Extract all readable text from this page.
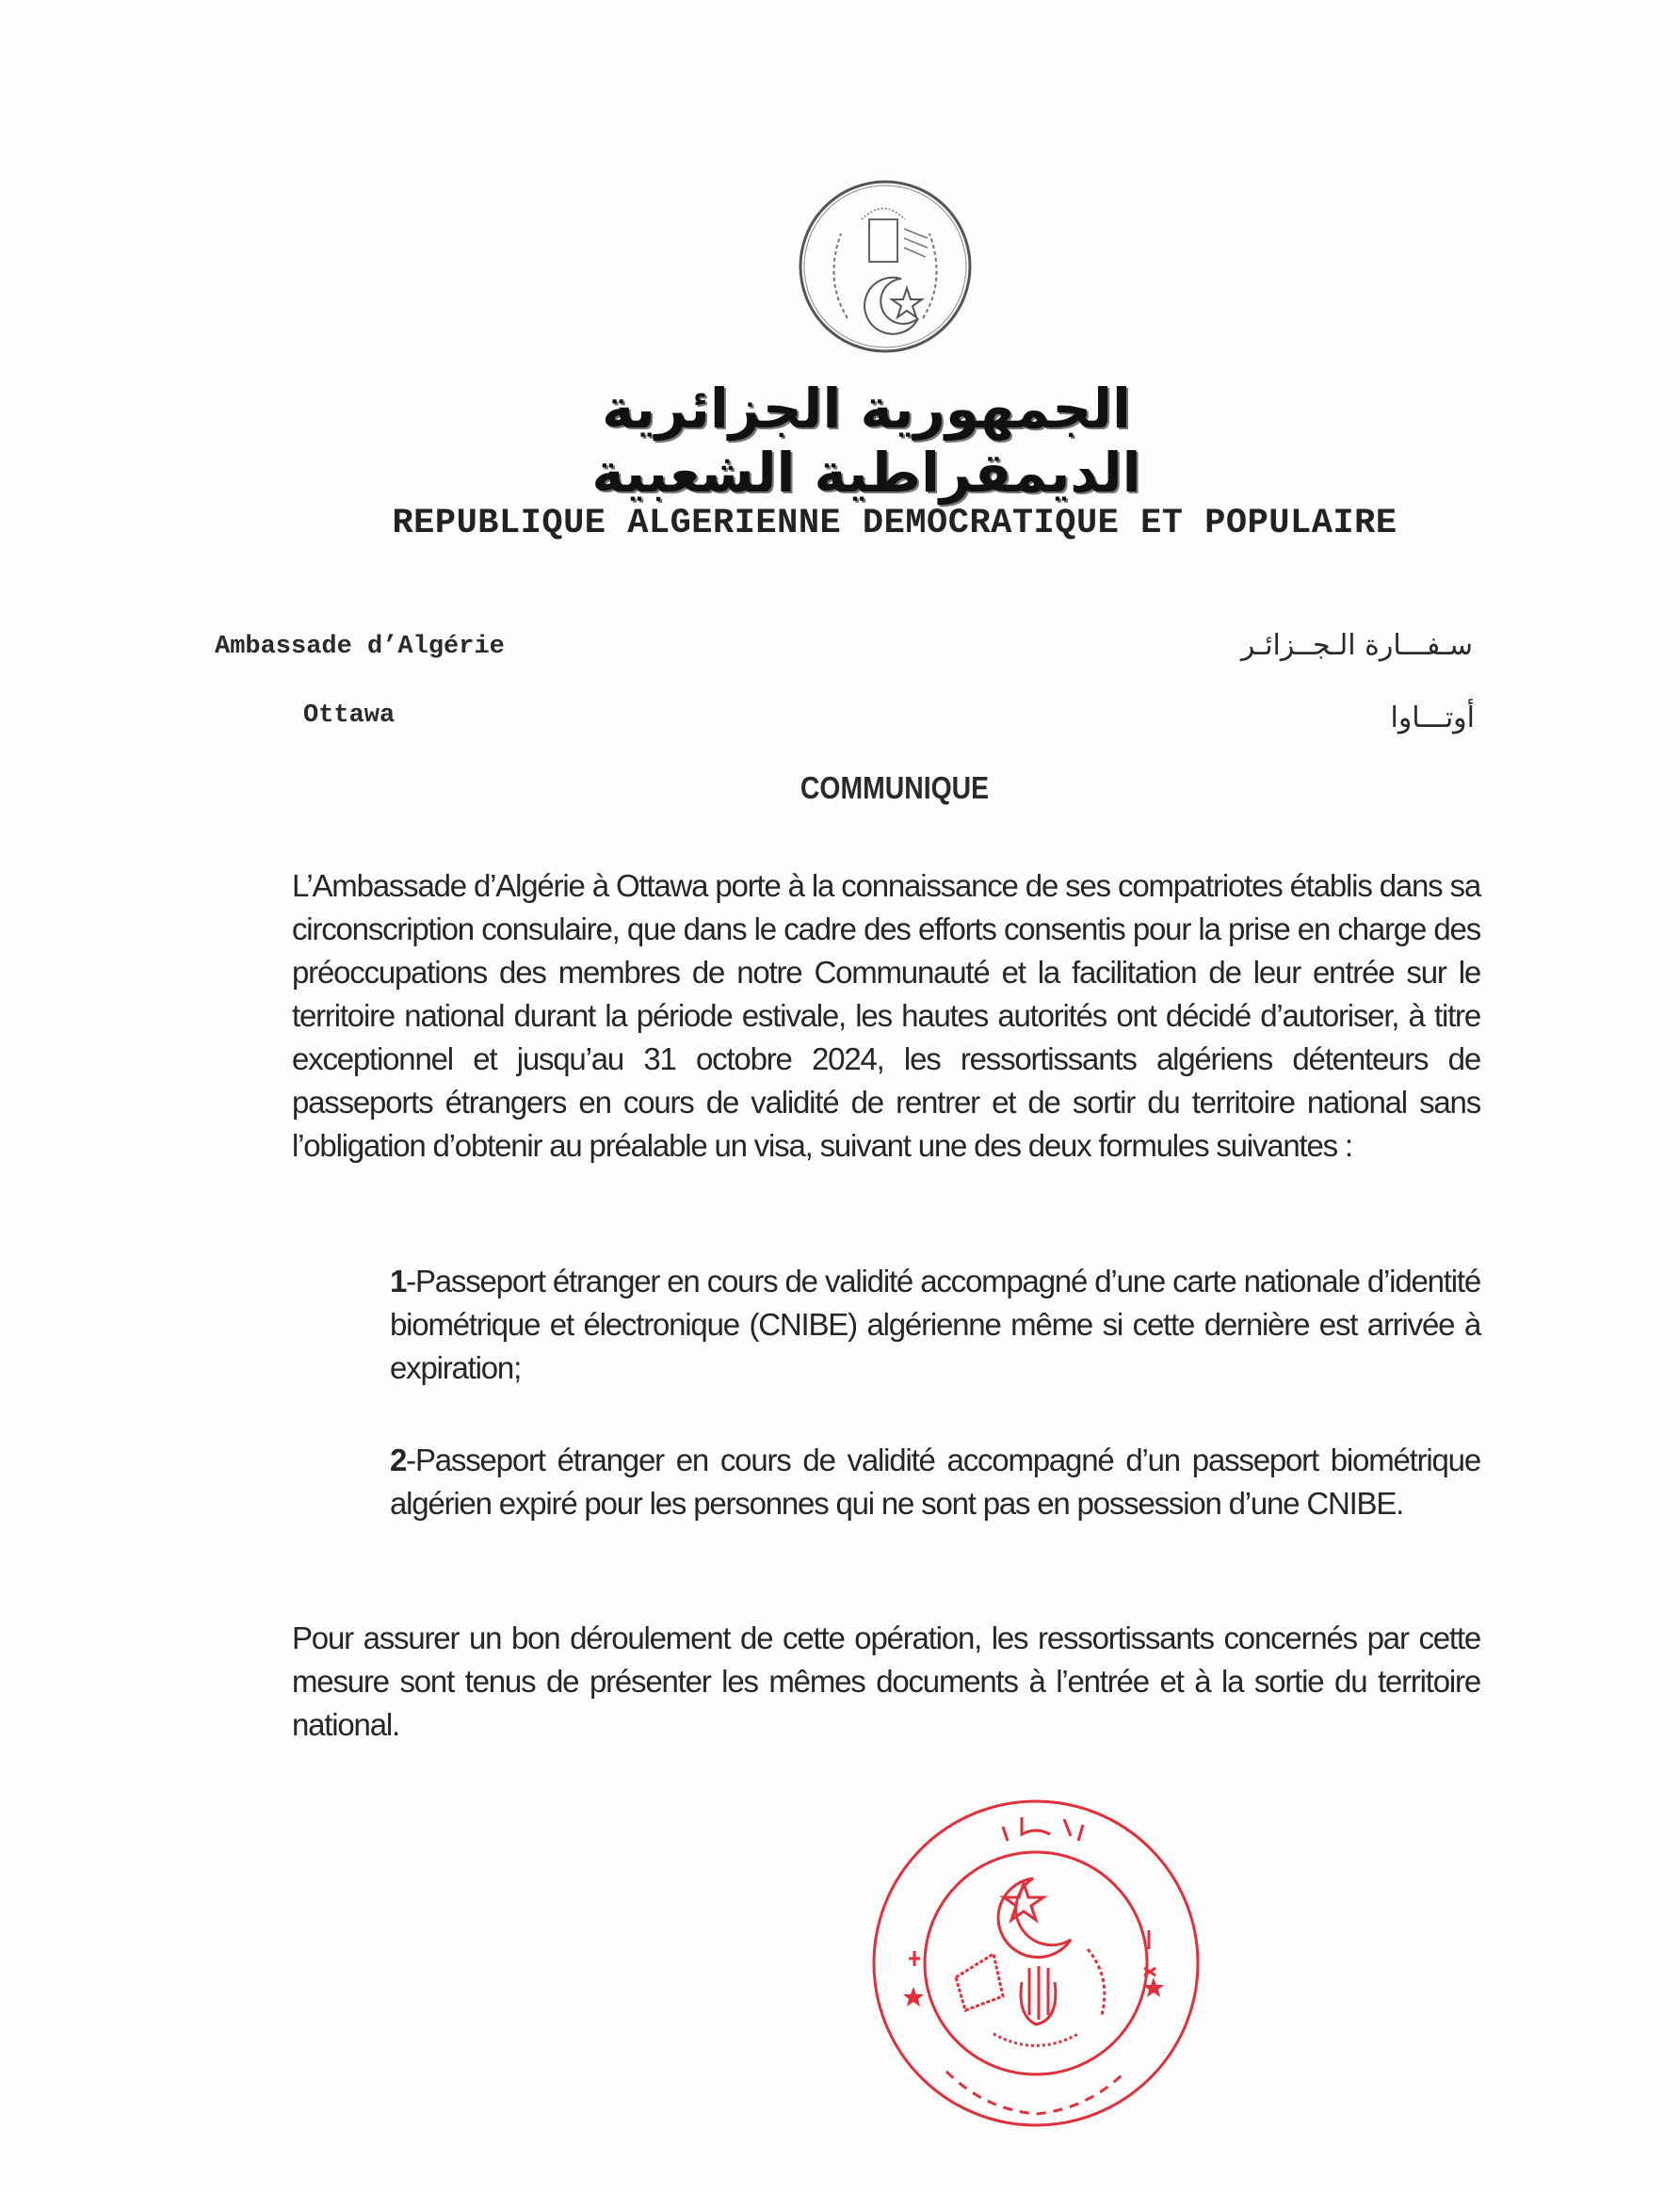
الجمهورية الجزائرية الديمقراطية الشعبية
REPUBLIQUE ALGERIENNE DEMOCRATIQUE ET POPULAIRE
Ambassade d’Algérie
Ottawa
سـفـــارة الـجــزائـر
أوتـــاوا
COMMUNIQUE

L’Ambassade d’Algérie à Ottawa porte à la connaissance de ses compatriotes établis dans sa circonscription consulaire, que dans le cadre des efforts consentis pour la prise en charge des préoccupations des membres de notre Communauté et la facilitation de leur entrée sur le territoire national durant la période estivale, les hautes autorités ont décidé d’autoriser, à titre exceptionnel et jusqu’au 31 octobre 2024, les ressortissants algériens détenteurs de passeports étrangers en cours de validité de rentrer et de sortir du territoire national sans l’obligation d’obtenir au préalable un visa, suivant une des deux formules suivantes :

1-Passeport étranger en cours de validité accompagné d’une carte nationale d’identité biométrique et électronique (CNIBE) algérienne même si cette dernière est arrivée à expiration;

2-Passeport étranger en cours de validité accompagné d’un passeport biométrique algérien expiré pour les personnes qui ne sont pas en possession d’une CNIBE.

Pour assurer un bon déroulement de cette opération, les ressortissants concernés par cette mesure sont tenus de présenter les mêmes documents à l’entrée et à la sortie du territoire national.
